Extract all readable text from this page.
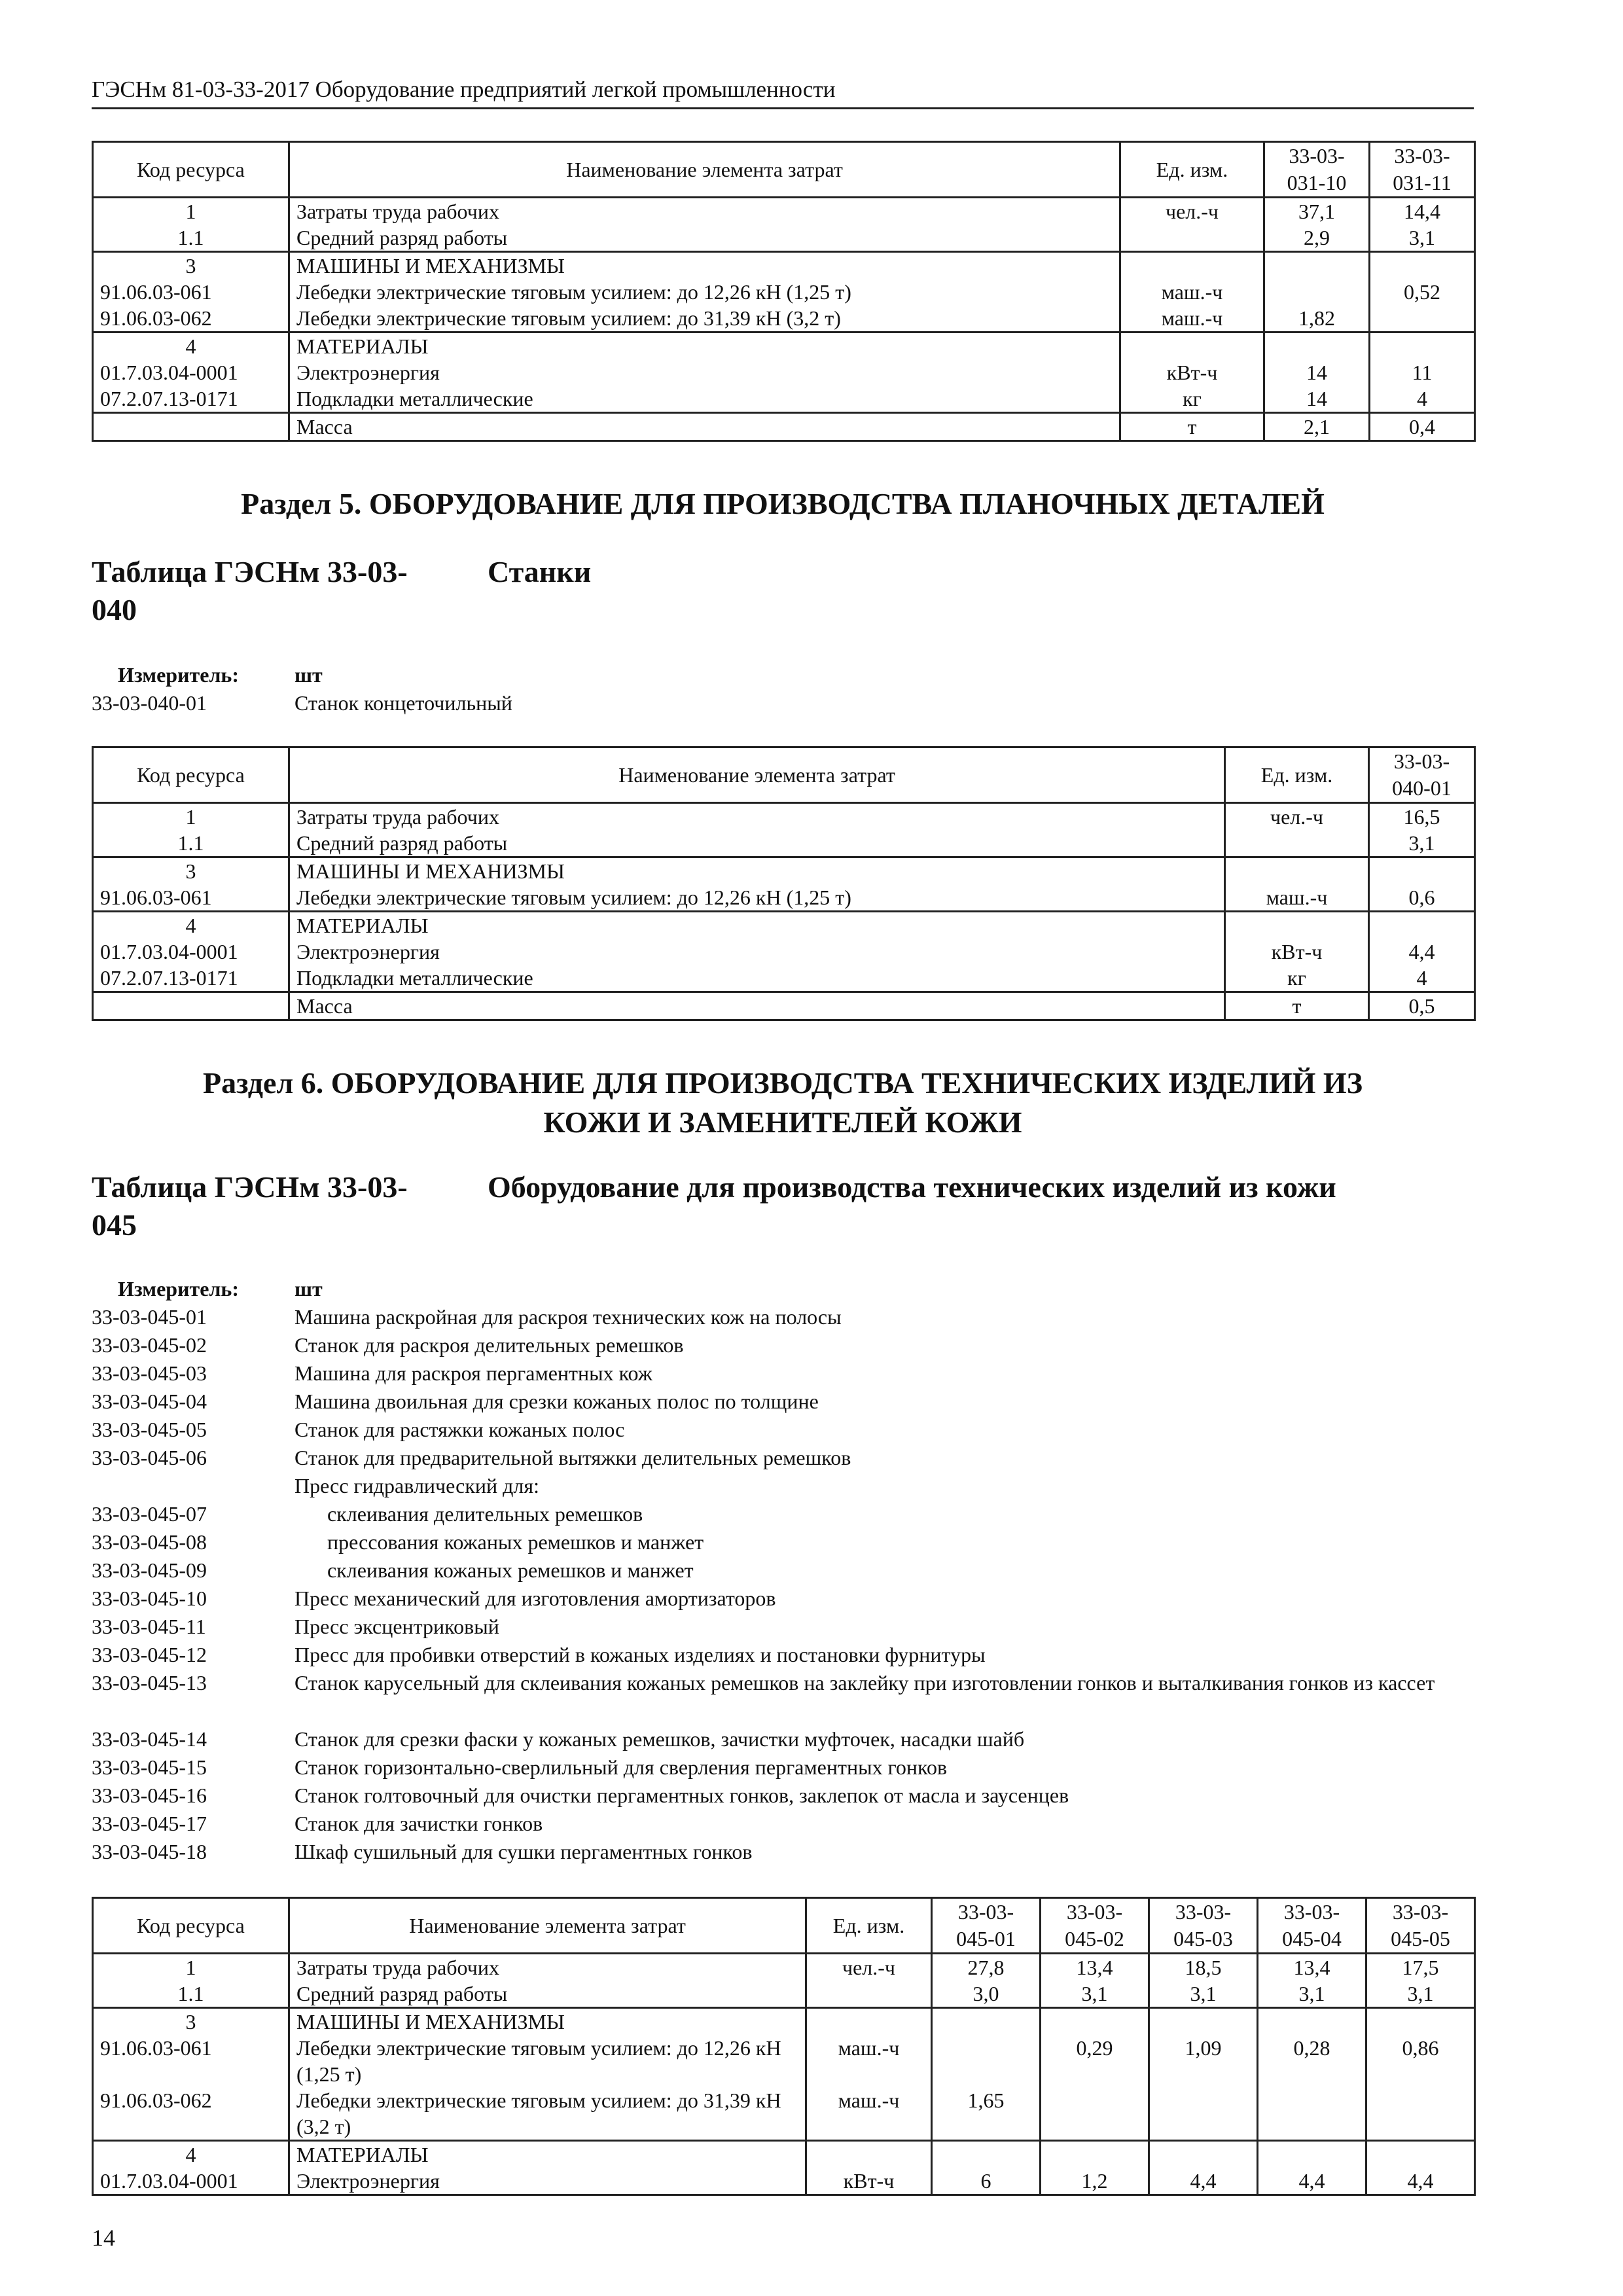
ГЭСНм 81-03-33-2017 Оборудование предприятий легкой промышленности
Код ресурса	Наименование элемента затрат	Ед. изм.	33-03-031-10	33-03-031-11
1	Затраты труда рабочих	чел.-ч	37,1	14,4
1.1	Средний разряд работы		2,9	3,1
3	МАШИНЫ И МЕХАНИЗМЫ			
91.06.03-061	Лебедки электрические тяговым усилием: до 12,26 кН (1,25 т)	маш.-ч		0,52
91.06.03-062	Лебедки электрические тяговым усилием: до 31,39 кН (3,2 т)	маш.-ч	1,82	
4	МАТЕРИАЛЫ			
01.7.03.04-0001	Электроэнергия	кВт-ч	14	11
07.2.07.13-0171	Подкладки металлические	кг	14	4
	Масса	т	2,1	0,4
Раздел 5. ОБОРУДОВАНИЕ ДЛЯ ПРОИЗВОДСТВА ПЛАНОЧНЫХ ДЕТАЛЕЙ
Таблица ГЭСНм 33-03-
040
Станки
Измеритель:	шт
33-03-040-01	Станок концеточильный
Код ресурса	Наименование элемента затрат	Ед. изм.	33-03-040-01
1	Затраты труда рабочих	чел.-ч	16,5
1.1	Средний разряд работы		3,1
3	МАШИНЫ И МЕХАНИЗМЫ		
91.06.03-061	Лебедки электрические тяговым усилием: до 12,26 кН (1,25 т)	маш.-ч	0,6
4	МАТЕРИАЛЫ		
01.7.03.04-0001	Электроэнергия	кВт-ч	4,4
07.2.07.13-0171	Подкладки металлические	кг	4
	Масса	т	0,5
Раздел 6. ОБОРУДОВАНИЕ ДЛЯ ПРОИЗВОДСТВА ТЕХНИЧЕСКИХ ИЗДЕЛИЙ ИЗ
КОЖИ И ЗАМЕНИТЕЛЕЙ КОЖИ
Таблица ГЭСНм 33-03-
045
Оборудование для производства технических изделий из кожи
Измеритель:	шт
33-03-045-01	Машина раскройная для раскроя технических кож на полосы
33-03-045-02	Станок для раскроя делительных ремешков
33-03-045-03	Машина для раскроя пергаментных кож
33-03-045-04	Машина двоильная для срезки кожаных полос по толщине
33-03-045-05	Станок для растяжки кожаных полос
33-03-045-06	Станок для предварительной вытяжки делительных ремешков
Пресс гидравлический для:
33-03-045-07	склеивания делительных ремешков
33-03-045-08	прессования кожаных ремешков и манжет
33-03-045-09	склеивания кожаных ремешков и манжет
33-03-045-10	Пресс механический для изготовления амортизаторов
33-03-045-11	Пресс эксцентриковый
33-03-045-12	Пресс для пробивки отверстий в кожаных изделиях и постановки фурнитуры
33-03-045-13	Станок карусельный для склеивания кожаных ремешков на заклейку при изготовлении гонков и выталкивания гонков из кассет
33-03-045-14	Станок для срезки фаски у кожаных ремешков, зачистки муфточек, насадки шайб
33-03-045-15	Станок горизонтально-сверлильный для сверления пергаментных гонков
33-03-045-16	Станок голтовочный для очистки пергаментных гонков, заклепок от масла и заусенцев
33-03-045-17	Станок для зачистки гонков
33-03-045-18	Шкаф сушильный для сушки пергаментных гонков
Код ресурса	Наименование элемента затрат	Ед. изм.	33-03-045-01	33-03-045-02	33-03-045-03	33-03-045-04	33-03-045-05
1	Затраты труда рабочих	чел.-ч	27,8	13,4	18,5	13,4	17,5
1.1	Средний разряд работы		3,0	3,1	3,1	3,1	3,1
3	МАШИНЫ И МЕХАНИЗМЫ						
91.06.03-061	Лебедки электрические тяговым усилием: до 12,26 кН (1,25 т)	маш.-ч		0,29	1,09	0,28	0,86
91.06.03-062	Лебедки электрические тяговым усилием: до 31,39 кН (3,2 т)	маш.-ч	1,65				
4	МАТЕРИАЛЫ						
01.7.03.04-0001	Электроэнергия	кВт-ч	6	1,2	4,4	4,4	4,4
14
